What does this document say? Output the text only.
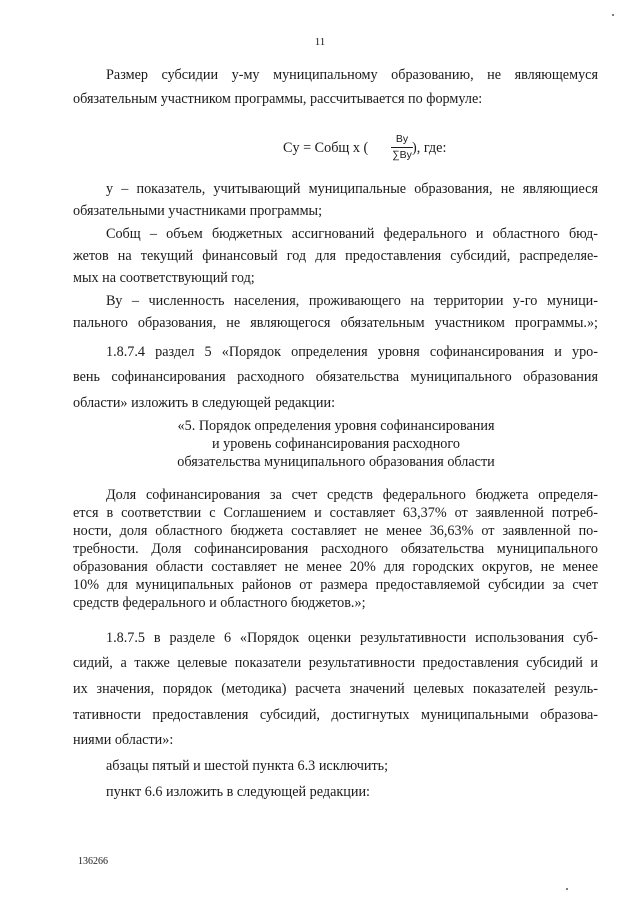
11
Размер субсидии у-му муниципальному образованию, не являющемуся
обязательным участником программы, рассчитывается по формуле:
Cу = Cобщ х (
Bу
∑Bу ), где:
у – показатель, учитывающий муниципальные образования, не являющиеся
обязательными участниками программы;
Собщ – объем бюджетных ассигнований федерального и областного бюд-
жетов на текущий финансовый год для предоставления субсидий, распределяе-
мых на соответствующий год;
Ву – численность населения, проживающего на территории у-го муници-
пального образования, не являющегося обязательным участником программы.»;
1.8.7.4 раздел 5 «Порядок определения уровня софинансирования и уро-
вень софинансирования расходного обязательства муниципального образования
области» изложить в следующей редакции:
«5. Порядок определения уровня софинансирования
и уровень софинансирования расходного
обязательства муниципального образования области
Доля софинансирования за счет средств федерального бюджета определя-
ется в соответствии с Соглашением и составляет 63,37% от заявленной потреб-
ности, доля областного бюджета составляет не менее 36,63% от заявленной по-
требности. Доля софинансирования расходного обязательства муниципального
образования области составляет не менее 20% для городских округов, не менее
10% для муниципальных районов от размера предоставляемой субсидии за счет
средств федерального и областного бюджетов.»;
1.8.7.5 в разделе 6 «Порядок оценки результативности использования суб-
сидий, а также целевые показатели результативности предоставления субсидий и
их значения, порядок (методика) расчета значений целевых показателей резуль-
тативности предоставления субсидий, достигнутых муниципальными образова-
ниями области»:
абзацы пятый и шестой пункта 6.3 исключить;
пункт 6.6 изложить в следующей редакции:
136266
